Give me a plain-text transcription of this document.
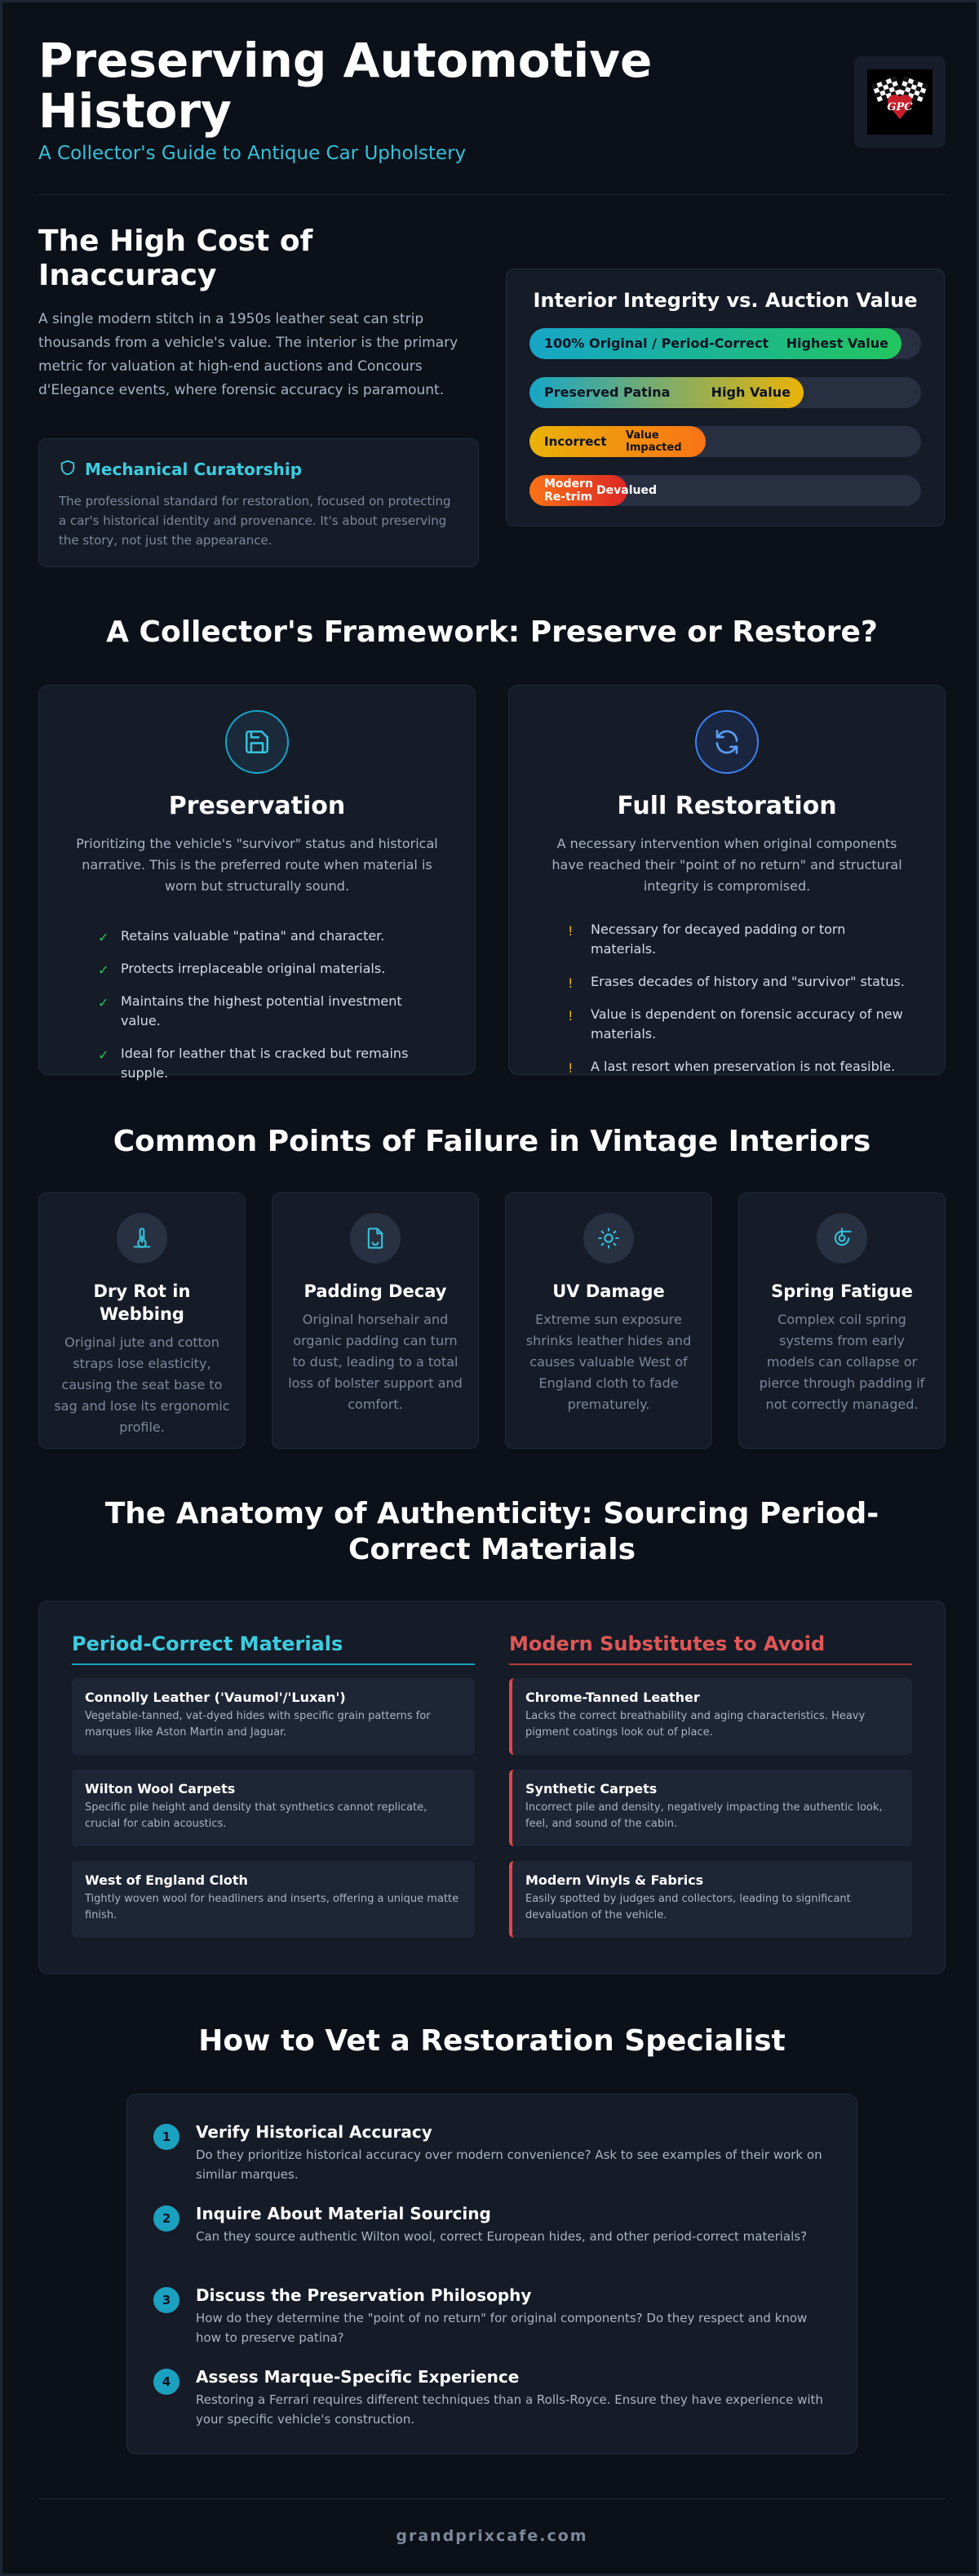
Preserving Automotive History
A Collector's Guide to Antique Car Upholstery
GPC
The High Cost of Inaccuracy
A single modern stitch in a 1950s leather seat can strip thousands from a vehicle's value. The interior is the primary metric for valuation at high-end auctions and Concours d'Elegance events, where forensic accuracy is paramount.
Mechanical Curatorship
The professional standard for restoration, focused on protecting a car's historical identity and provenance. It's about preserving the story, not just the appearance.
Interior Integrity vs. Auction Value
100% Original / Period-Correct Highest Value
Preserved Patina	High Value
Incorrect Value Impacted
Modern Re-trim Devalued
A Collector's Framework: Preserve or Restore?
Preservation
Prioritizing the vehicle's "survivor" status and historical narrative. This is the preferred route when material is worn but structurally sound.
✓ Retains valuable "patina" and character.
✓ Protects irreplaceable original materials.
✓ Maintains the highest potential investment value.
✓ Ideal for leather that is cracked but remains supple.
Full Restoration
A necessary intervention when original components have reached their "point of no return" and structural integrity is compromised.
! Necessary for decayed padding or torn materials.
! Erases decades of history and "survivor" status.
! Value is dependent on forensic accuracy of new materials.
! A last resort when preservation is not feasible.
Common Points of Failure in Vintage Interiors
Dry Rot in Webbing
Original jute and cotton straps lose elasticity, causing the seat base to sag and lose its ergonomic profile.
Padding Decay
Original horsehair and organic padding can turn to dust, leading to a total loss of bolster support and comfort.
UV Damage
Extreme sun exposure shrinks leather hides and causes valuable West of England cloth to fade prematurely.
Spring Fatigue
Complex coil spring systems from early models can collapse or pierce through padding if not correctly managed.
The Anatomy of Authenticity: Sourcing Period-Correct Materials
Period-Correct Materials
Connolly Leather ('Vaumol'/'Luxan')
Vegetable-tanned, vat-dyed hides with specific grain patterns for marques like Aston Martin and Jaguar.
Wilton Wool Carpets
Specific pile height and density that synthetics cannot replicate, crucial for cabin acoustics.
West of England Cloth
Tightly woven wool for headliners and inserts, offering a unique matte finish.
Modern Substitutes to Avoid
Chrome-Tanned Leather
Lacks the correct breathability and aging characteristics. Heavy pigment coatings look out of place.
Synthetic Carpets
Incorrect pile and density, negatively impacting the authentic look, feel, and sound of the cabin.
Modern Vinyls & Fabrics
Easily spotted by judges and collectors, leading to significant devaluation of the vehicle.
How to Vet a Restoration Specialist
1	Verify Historical Accuracy
Do they prioritize historical accuracy over modern convenience? Ask to see examples of their work on similar marques.
2	Inquire About Material Sourcing
Can they source authentic Wilton wool, correct European hides, and other period-correct materials?
3	Discuss the Preservation Philosophy
How do they determine the "point of no return" for original components? Do they respect and know how to preserve patina?
4	Assess Marque-Specific Experience
Restoring a Ferrari requires different techniques than a Rolls-Royce. Ensure they have experience with your specific vehicle's construction.
grandprixcafe.com
